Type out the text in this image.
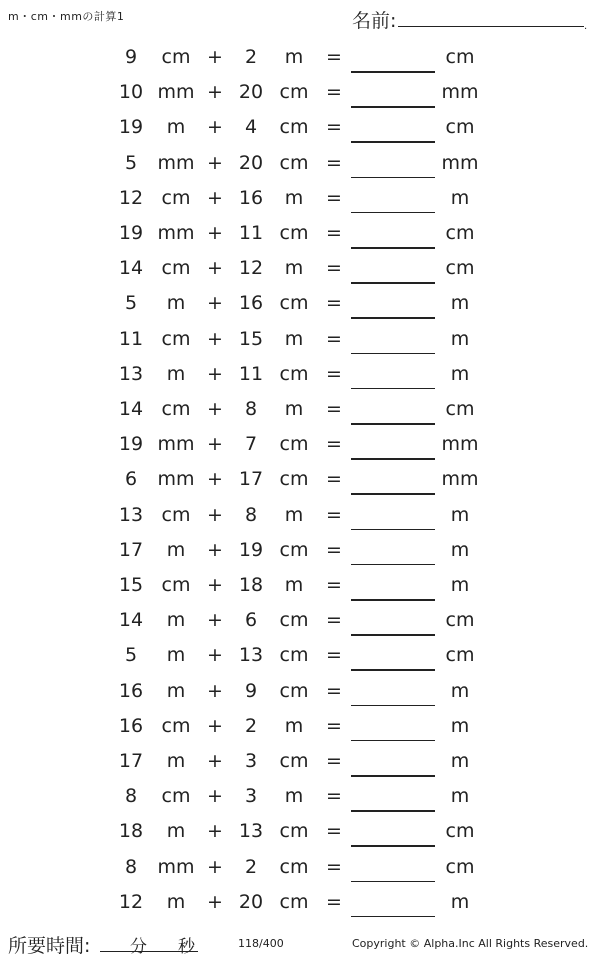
m・cm・mmの計算1	名前:	.
9	cm +	2	m	=	cm
10 mm + 20 cm =	mm
19	m	+	4	cm =	cm
5	mm + 20 cm =	mm
12 cm + 16	m	=	m
19 mm + 11 cm =	cm
14 cm + 12	m	=	cm
5	m	+ 16 cm =	m
11 cm + 15	m	=	m
13	m	+ 11 cm =	m
14 cm +	8	m	=	cm
19 mm +	7	cm =	mm
6	mm + 17 cm =	mm
13 cm +	8	m	=	m
17	m	+ 19 cm =	m
15 cm + 18	m	=	m
14	m	+	6	cm =	cm
5	m	+ 13 cm =	cm
16	m	+	9	cm =	m
16 cm +	2	m	=	m
17	m	+	3	cm =	m
8	cm +	3	m	=	m
18	m	+ 13 cm =	cm
8	mm +	2	cm =	cm
12	m	+ 20 cm =	m
所要時間: 分 秒	118/400	Copyright © Alpha.Inc All Rights Reserved.
